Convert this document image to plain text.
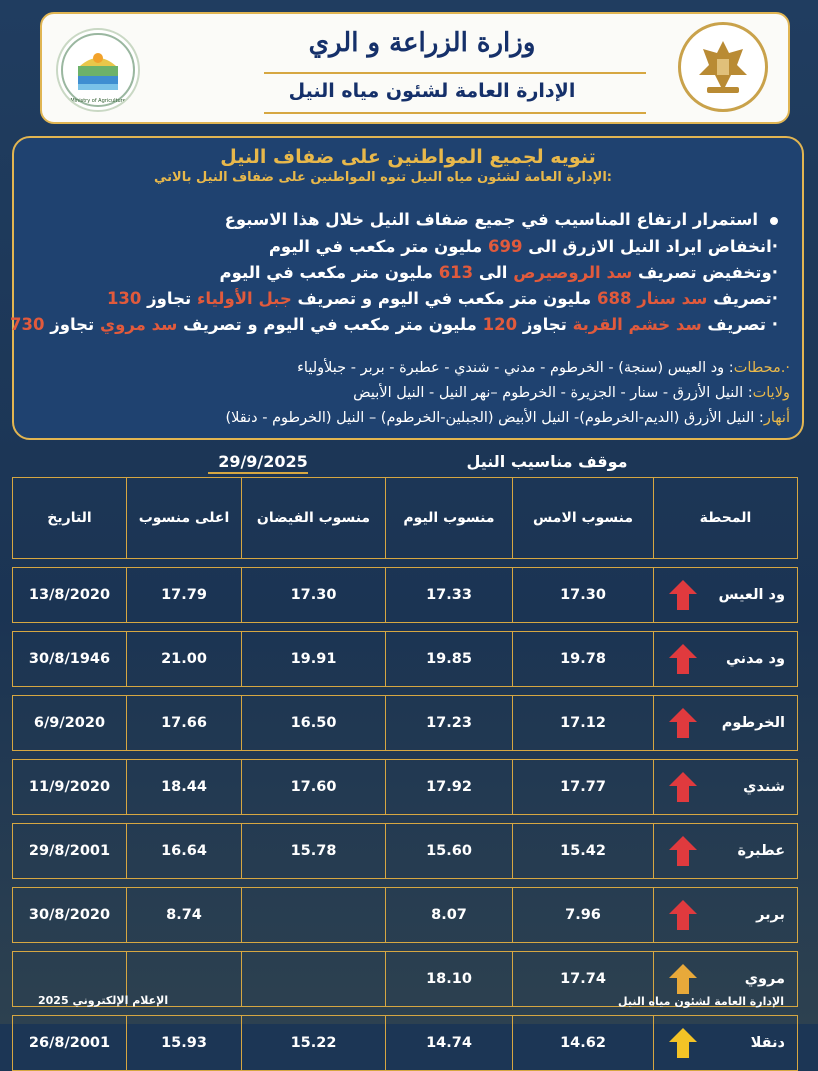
Ministry of Agriculture
وزارة الزراعة و الري
الإدارة العامة لشئون مياه النيل
تنويه لجميع المواطنين على ضفاف النيل
الإدارة العامة لشئون مياه النيل تنوه المواطنين على ضفاف النيل بالاتي:
استمرار ارتفاع المناسيب في جميع ضفاف النيل خلال هذا الاسبوع
·انخفاض ايراد النيل الازرق الى 699 مليون متر مكعب في اليوم
·وتخفيض تصريف سد الروصيرص الى 613 مليون متر مكعب في اليوم
·تصريف سد سنار 688 مليون متر مكعب في اليوم و تصريف جبل الأولياء تجاوز 130
· تصريف سد خشم القربة تجاوز 120 مليون متر مكعب في اليوم و تصريف سد مروي تجاوز 730
·.محطات: ود العيس (سنجة) - الخرطوم - مدني - شندي - عطبرة - بربر - جبلأولياء
ولايات: النيل الأزرق - سنار - الجزيرة - الخرطوم –نهر النيل - النيل الأبيض
أنهار: النيل الأزرق (الديم-الخرطوم)- النيل الأبيض (الجبلين-الخرطوم) – النيل (الخرطوم - دنقلا)
موقف مناسيب النيل
29/9/2025
المحطة	منسوب الامس	منسوب اليوم	منسوب الفيضان	اعلى منسوب	التاريخ

ود العيس	17.30	17.33	17.30	17.79	13/8/2020

ود مدني	19.78	19.85	19.91	21.00	30/8/1946

الخرطوم	17.12	17.23	16.50	17.66	6/9/2020

شندي	17.77	17.92	17.60	18.44	11/9/2020

عطبرة	15.42	15.60	15.78	16.64	29/8/2001

بربر	7.96	8.07		8.74	30/8/2020

مروي	17.74	18.10			

دنقلا	14.62	14.74	15.22	15.93	26/8/2001
الإعلام الإلكتروني 2025	الإدارة العامة لشئون مياه النيل
